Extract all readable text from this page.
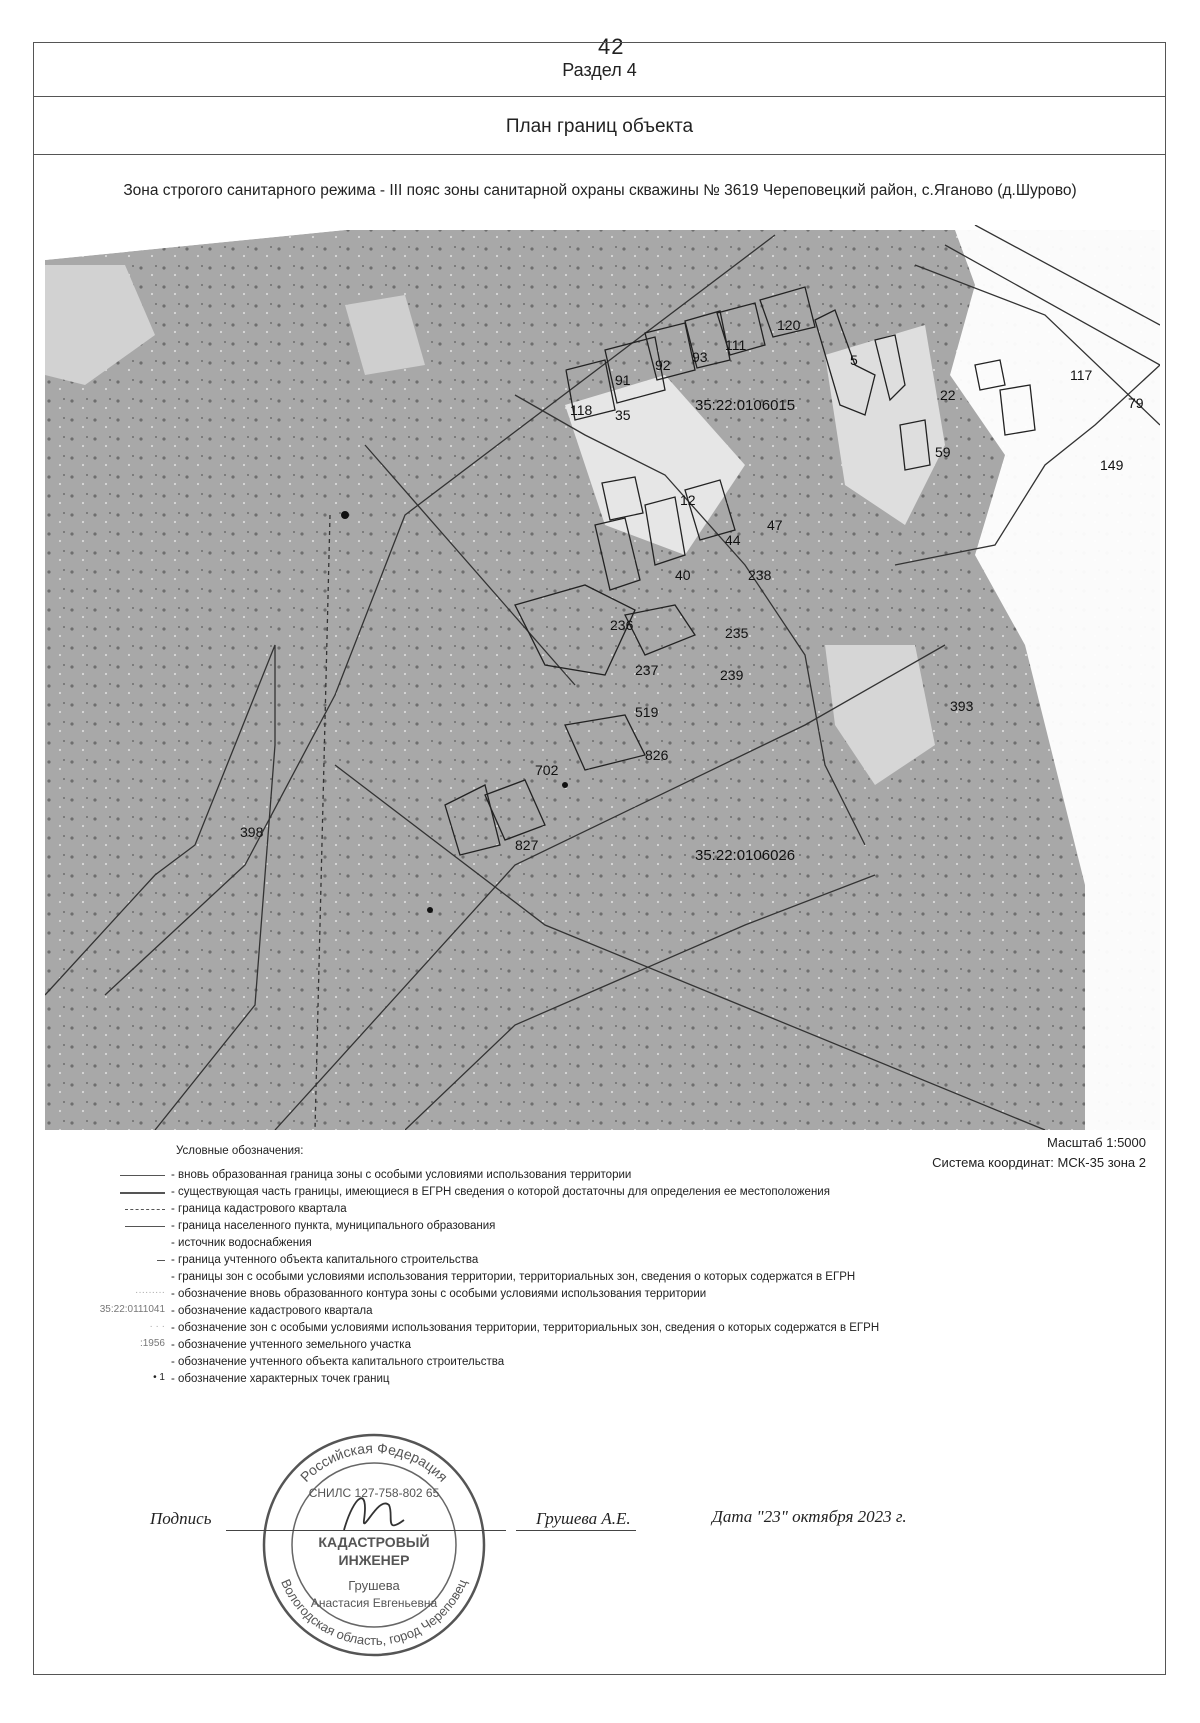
42
Раздел 4
План границ объекта
Зона строгого санитарного режима - III пояс зоны санитарной охраны скважины № 3619 Череповецкий район, с.Ягановo (д.Шурово)
91
92 93
111
120
5
22
117
79
59
149
118 35
12
44
47
40	238
236	235
237	239
519
826
702
827
393
398
35:22:0106015
35:22:0106026
Условные обозначения:
Масштаб 1:5000
Система координат: МСК-35 зона 2
- вновь образованная граница зоны с особыми условиями использования территории
- существующая часть границы, имеющиеся в ЕГРН сведения о которой достаточны для определения ее местоположения
- граница кадастрового квартала
- граница населенного пункта, муниципального образования
- источник водоснабжения
- граница учтенного объекта капитального строительства
- границы зон с особыми условиями использования территории, территориальных зон, сведения о которых содержатся в ЕГРН
········· - обозначение вновь образованного контура зоны с особыми условиями использования территории
35:22:0111041 - обозначение кадастрового квартала
· · · - обозначение зон с особыми условиями использования территории, территориальных зон, сведения о которых содержатся в ЕГРН
:1956 - обозначение учтенного земельного участка
- обозначение учтенного объекта капитального строительства
• 1 - обозначение характерных точек границ
Российская Федерация
Вологодская область, город Череповец
СНИЛС 127-758-802 65
КАДАСТРОВЫЙ
ИНЖЕНЕР
Грушева
Анастасия Евгеньевна
Подпись	Грушева А.Е.	Дата "23" октября 2023 г.
